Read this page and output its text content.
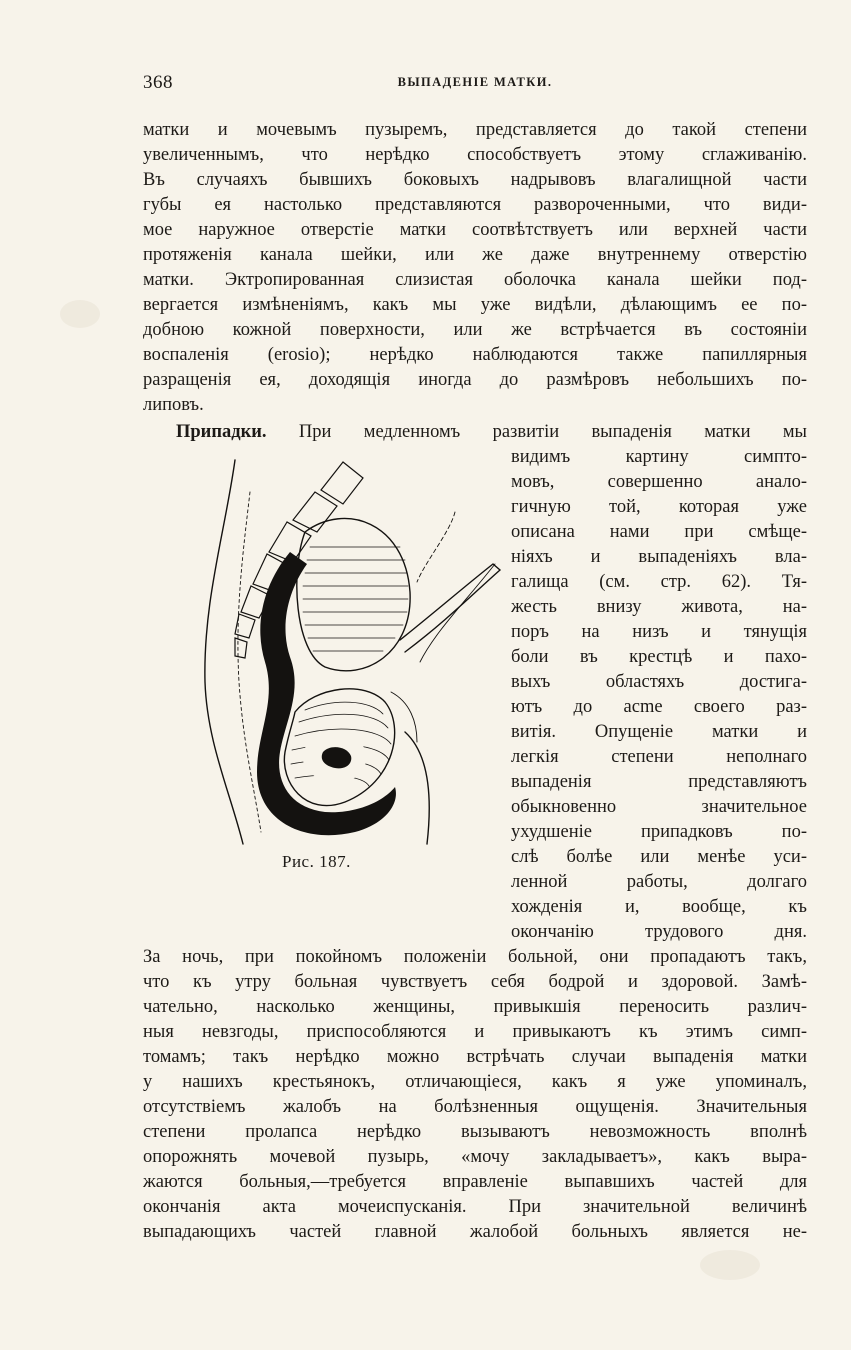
368	ВЫПАДЕНІЕ МАТКИ.
матки и мочевымъ пузыремъ, представляется до такой степени
увеличеннымъ, что нерѣдко способствуетъ этому сглаживанію.
Въ случаяхъ бывшихъ боковыхъ надрывовъ влагалищной части
губы ея настолько представляются развороченными, что види-
мое наружное отверстіе матки соотвѣтствуетъ или верхней части
протяженія канала шейки, или же даже внутреннему отверстію
матки. Эктропированная слизистая оболочка канала шейки под-
вергается измѣненіямъ, какъ мы уже видѣли, дѣлающимъ ее по-
добною кожной поверхности, или же встрѣчается въ состояніи
воспаленія (erosio); нерѣдко наблюдаются также папиллярныя
разращенія ея, доходящія иногда до размѣровъ небольшихъ по-
липовъ.
Припадки. При медленномъ развитіи выпаденія матки мы
видимъ картину симпто-
мовъ, совершенно анало-
гичную той, которая уже
описана нами при смѣще-
ніяхъ и выпаденіяхъ вла-
галища (см. стр. 62). Тя-
жесть внизу живота, на-
поръ на низъ и тянущія
боли въ крестцѣ и пахо-
выхъ областяхъ достига-
ютъ до acme своего раз-
витія. Опущеніе матки и
легкія степени неполнаго
выпаденія представляютъ
обыкновенно значительное
ухудшеніе припадковъ по-
слѣ болѣе или менѣе уси-
ленной работы, долгаго
хожденія и, вообще, къ
окончанію трудового дня.
За ночь, при покойномъ положеніи больной, они пропадаютъ такъ,
что къ утру больная чувствуетъ себя бодрой и здоровой. Замѣ-
чательно, насколько женщины, привыкшія переносить различ-
ныя невзгоды, приспособляются и привыкаютъ къ этимъ симп-
томамъ; такъ нерѣдко можно встрѣчать случаи выпаденія матки
у нашихъ крестьянокъ, отличающіеся, какъ я уже упоминалъ,
отсутствіемъ жалобъ на болѣзненныя ощущенія. Значительныя
степени пролапса нерѣдко вызываютъ невозможность вполнѣ
опорожнять мочевой пузырь, «мочу закладываетъ», какъ выра-
жаются больныя,—требуется вправленіе выпавшихъ частей для
окончанія акта мочеиспусканія. При значительной величинѣ
выпадающихъ частей главной жалобой больныхъ является не-
Рис. 187.
